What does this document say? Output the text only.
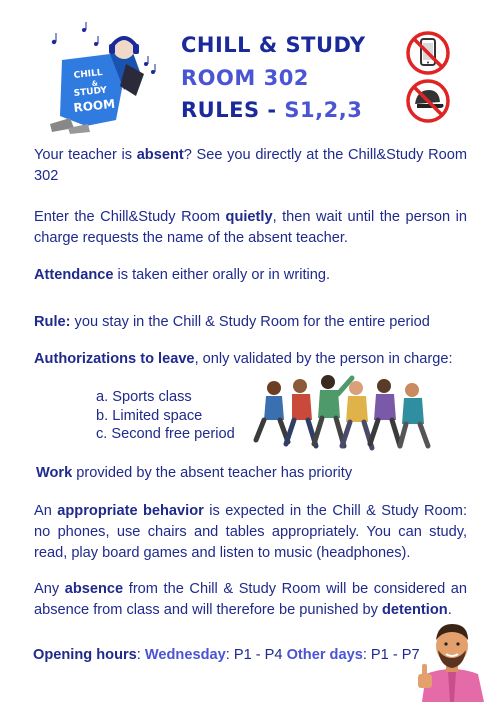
CHILL
&
STUDY
ROOM
CHILL & STUDY
ROOM 302
RULES - S1,2,3
Your teacher is absent? See you directly at the Chill&Study Room 302
Enter the Chill&Study Room quietly, then wait until the person in charge requests the name of the absent teacher.
Attendance is taken either orally or in writing.
Rule: you stay in the Chill & Study Room for the entire period
Authorizations to leave, only validated by the person in charge:
a. Sports class
b. Limited space
c. Second free period
Work provided by the absent teacher has priority
An appropriate behavior is expected in the Chill & Study Room: no phones, use chairs and tables appropriately. You can study, read, play board games and listen to music (headphones).
Any absence from the Chill & Study Room will be considered an absence from class and will therefore be punished by detention.
Opening hours: Wednesday: P1 - P4 Other days: P1 - P7
